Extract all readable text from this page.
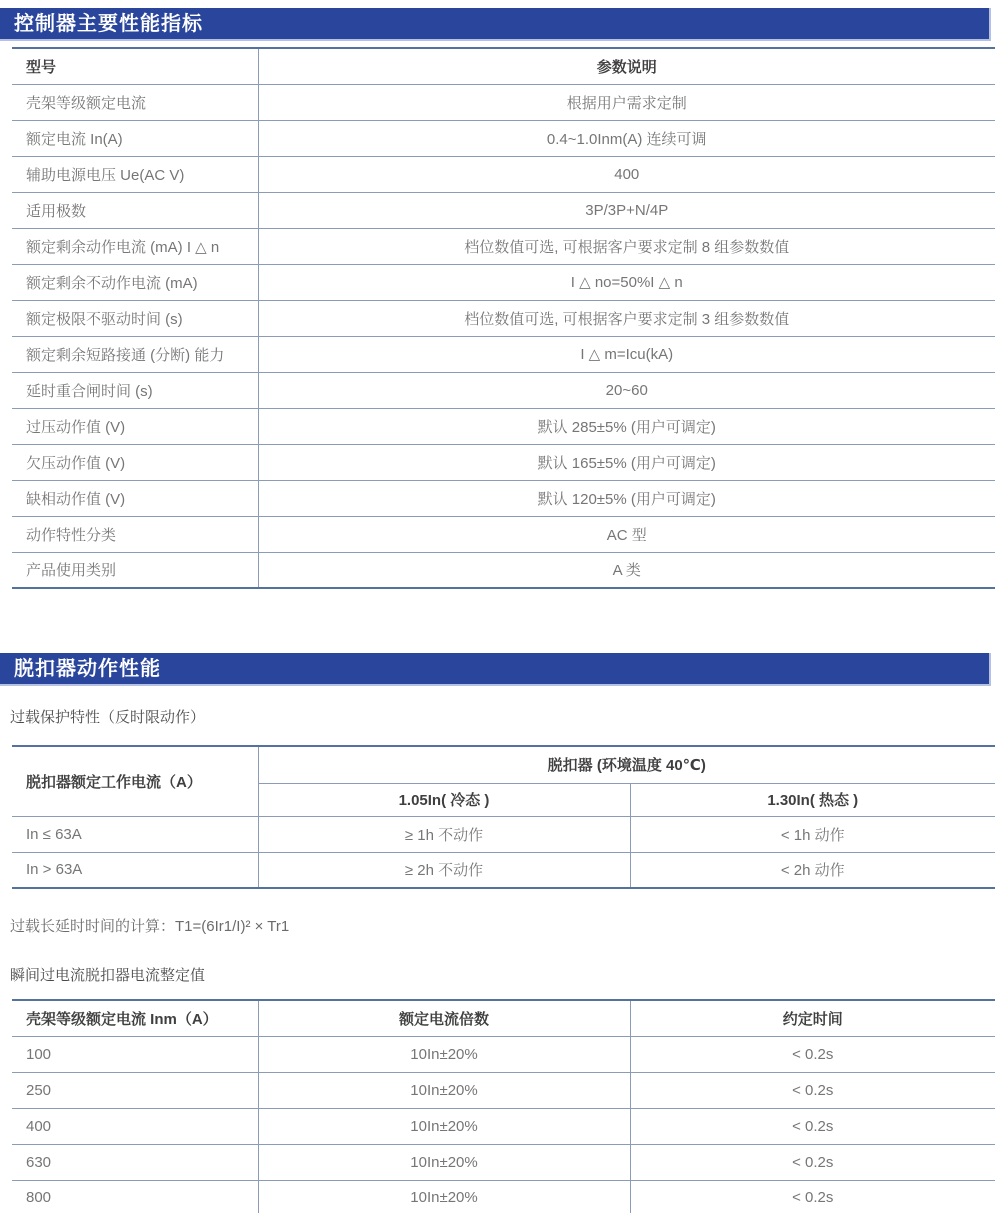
控制器主要性能指标
型号	参数说明
壳架等级额定电流	根据用户需求定制
额定电流 In(A)	0.4~1.0Inm(A) 连续可调
辅助电源电压 Ue(AC V)	400
适用极数	3P/3P+N/4P
额定剩余动作电流 (mA) I △ n	档位数值可选, 可根据客户要求定制 8 组参数数值
额定剩余不动作电流 (mA)	I △ no=50%I △ n
额定极限不驱动时间 (s)	档位数值可选, 可根据客户要求定制 3 组参数数值
额定剩余短路接通 (分断) 能力	I △ m=Icu(kA)
延时重合闸时间 (s)	20~60
过压动作值 (V)	默认 285±5% (用户可调定)
欠压动作值 (V)	默认 165±5% (用户可调定)
缺相动作值 (V)	默认 120±5% (用户可调定)
动作特性分类	AC 型
产品使用类别	A 类
脱扣器动作性能
过载保护特性（反时限动作）
脱扣器额定工作电流（A）	脱扣器 (环境温度 40℃)	
	1.05In( 冷态 )	1.30In( 热态 )
In ≤ 63A	≥ 1h 不动作	< 1h 动作
In > 63A	≥ 2h 不动作	< 2h 动作
过载长延时时间的计算：T1=(6Ir1/I)² × Tr1
瞬间过电流脱扣器电流整定值
壳架等级额定电流 Inm（A）	额定电流倍数	约定时间
100	10In±20%	< 0.2s
250	10In±20%	< 0.2s
400	10In±20%	< 0.2s
630	10In±20%	< 0.2s
800	10In±20%	< 0.2s
